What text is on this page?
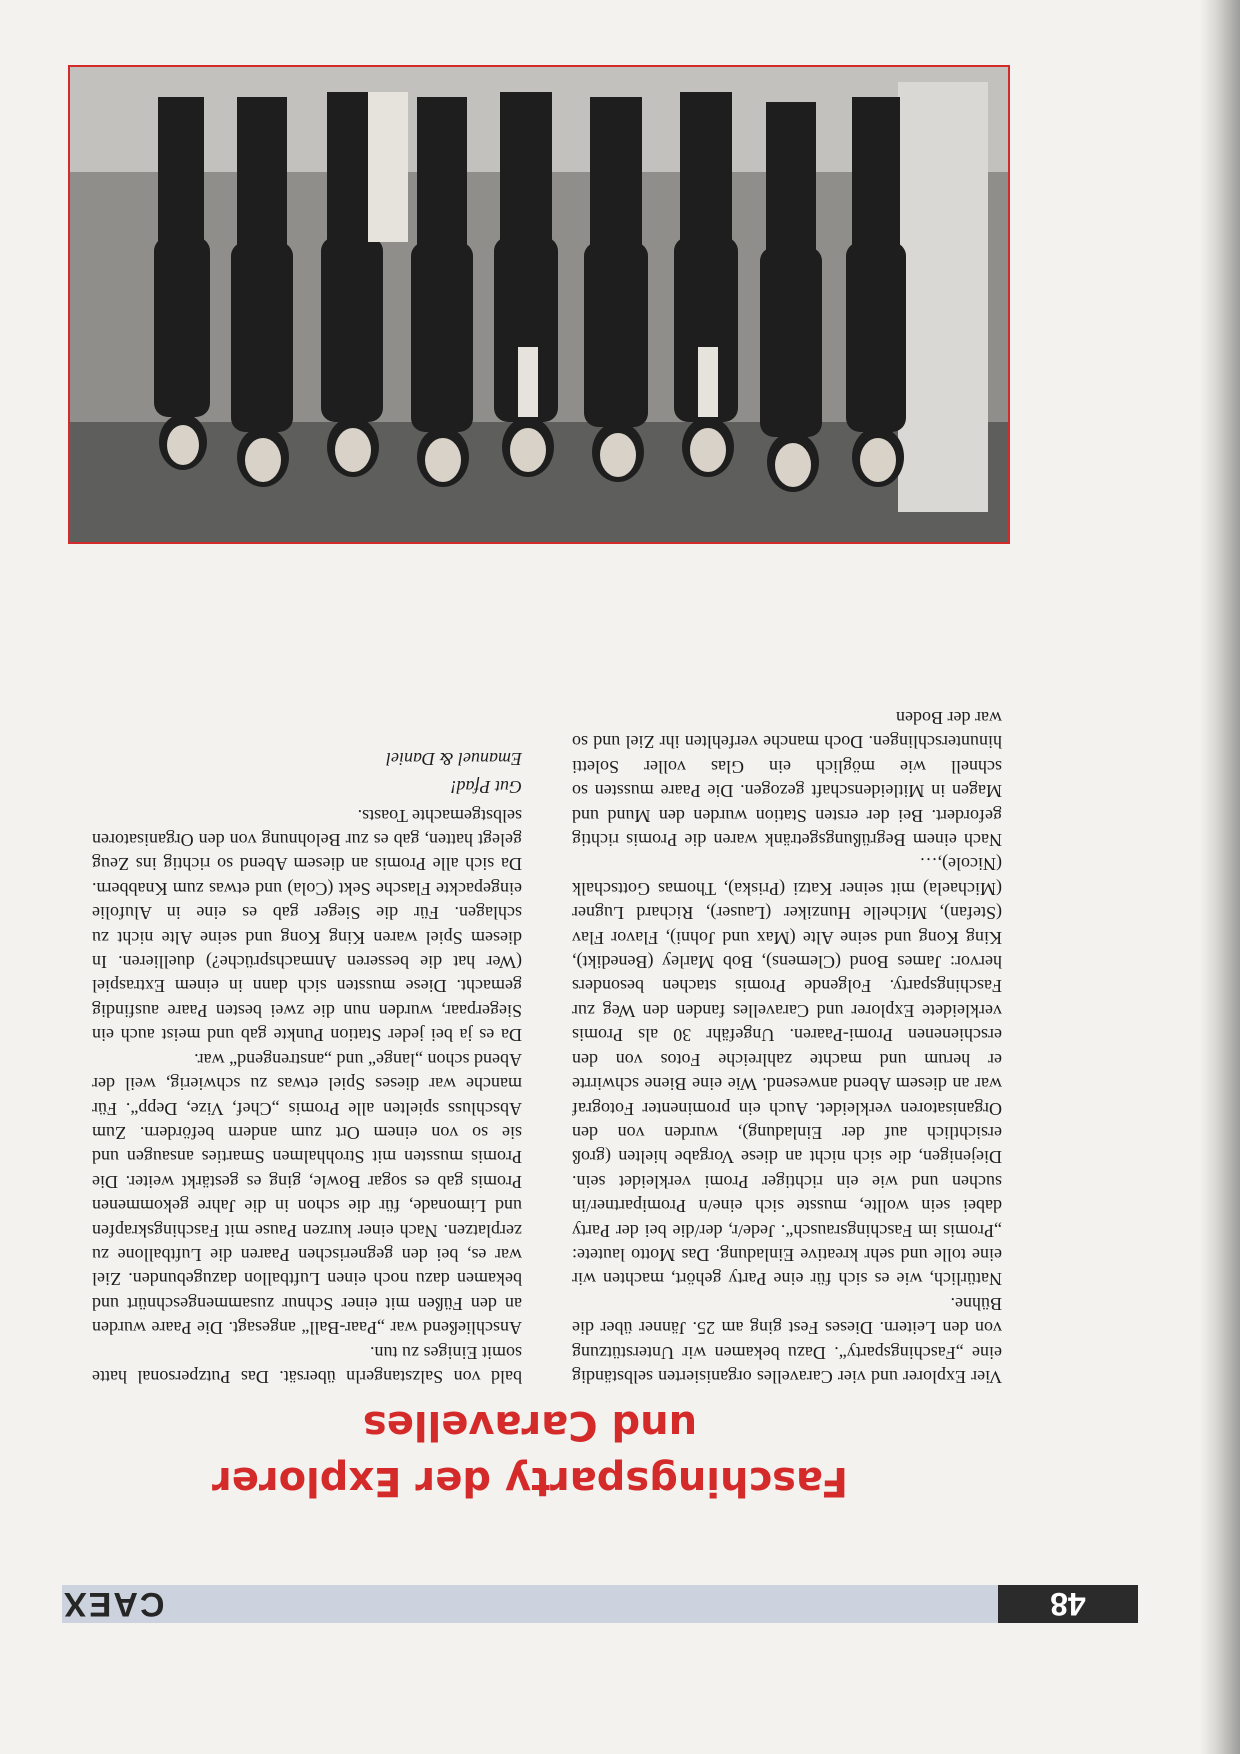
48
CAEX
Faschingsparty der Explorer
und Caravelles

Vier Explorer und vier Caravelles organisierten selbständig eine „Faschingsparty“. Dazu bekamen wir Unterstützung von den Leitern. Dieses Fest ging am 25. Jänner über die Bühne.

Natürlich, wie es sich für eine Party gehört, machten wir eine tolle und sehr kreative Einladung. Das Motto lautete: „Promis im Faschingsrausch“. Jede/r, der/die bei der Party dabei sein wollte, musste sich eine/n Promipartner/in suchen und wie ein richtiger Promi verkleidet sein. Diejenigen, die sich nicht an diese Vorgabe hielten (groß ersichtlich auf der Einladung), wurden von den Organisatoren verkleidet. Auch ein prominenter Fotograf war an diesem Abend anwesend. Wie eine Biene schwirrte er herum und machte zahlreiche Fotos von den erschienenen Promi-Paaren. Ungefähr 30 als Promis verkleidete Explorer und Caravelles fanden den Weg zur Faschingsparty. Folgende Promis stachen besonders hervor: James Bond (Clemens), Bob Marley (Benedikt), King Kong und seine Alte (Max und Johni), Flavor Flav (Stefan), Michelle Hunziker (Lauser), Richard Lugner (Michaela) mit seiner Katzi (Priska), Thomas Gottschalk (Nicole),…

Nach einem Begrüßungsgetränk waren die Promis richtig gefordert. Bei der ersten Station wurden den Mund und Magen in Mitleidenschaft gezogen. Die Paare mussten so schnell wie möglich ein Glas voller Soletti hinunterschlingen. Doch manche verfehlten ihr Ziel und so war der Boden

bald von Salzstangerln übersät. Das Putzpersonal hatte somit Einiges zu tun.

Anschließend war „Paar-Ball“ angesagt. Die Paare wurden an den Füßen mit einer Schnur zusammengeschnürt und bekamen dazu noch einen Luftballon dazugebunden. Ziel war es, bei den gegnerischen Paaren die Luftballone zu zerplatzen. Nach einer kurzen Pause mit Faschingskrapfen und Limonade, für die schon in die Jahre gekommenen Promis gab es sogar Bowle, ging es gestärkt weiter. Die Promis mussten mit Strohhalmen Smarties ansaugen und sie so von einem Ort zum andern befördern. Zum Abschluss spielten alle Promis „Chef, Vize, Depp“. Für manche war dieses Spiel etwas zu schwierig, weil der Abend schon „lange“ und „anstrengend“ war.

Da es ja bei jeder Station Punkte gab und meist auch ein Siegerpaar, wurden nun die zwei besten Paare ausfindig gemacht. Diese mussten sich dann in einem Extraspiel (Wer hat die besseren Anmachsprüche?) duellieren. In diesem Spiel waren King Kong und seine Alte nicht zu schlagen. Für die Sieger gab es eine in Alufolie eingepackte Flasche Sekt (Cola) und etwas zum Knabbern. Da sich alle Promis an diesem Abend so richtig ins Zeug gelegt hatten, gab es zur Belohnung von den Organisatoren selbstgemachte Toasts.

Gut Pfad!

Emanuel & Daniel
